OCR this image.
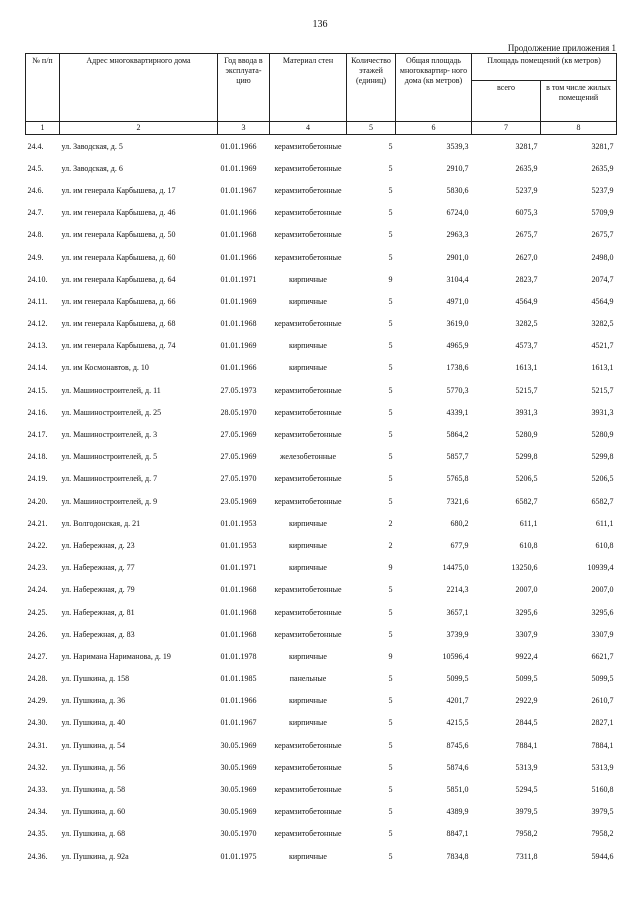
136
Продолжение приложения 1
№ п/п	Адрес многоквартирного дома	Год ввода в эксплуата- цию	Материал стен	Количество этажей (единиц)	Общая площадь многоквартир- ного дома (кв метров)	Площадь помещений (кв метров)	
						всего	в том числе жилых помещений
1	2	3	4	5	6	7	8
24.4.	ул. Заводская, д. 5	01.01.1966	керамзитобетонные	5	3539,3	3281,7	3281,7
24.5.	ул. Заводская, д. 6	01.01.1969	керамзитобетонные	5	2910,7	2635,9	2635,9
24.6.	ул. им генерала Карбышева, д. 17	01.01.1967	керамзитобетонные	5	5830,6	5237,9	5237,9
24.7.	ул. им генерала Карбышева, д. 46	01.01.1966	керамзитобетонные	5	6724,0	6075,3	5709,9
24.8.	ул. им генерала Карбышева, д. 50	01.01.1968	керамзитобетонные	5	2963,3	2675,7	2675,7
24.9.	ул. им генерала Карбышева, д. 60	01.01.1966	керамзитобетонные	5	2901,0	2627,0	2498,0
24.10.	ул. им генерала Карбышева, д. 64	01.01.1971	кирпичные	9	3104,4	2823,7	2074,7
24.11.	ул. им генерала Карбышева, д. 66	01.01.1969	кирпичные	5	4971,0	4564,9	4564,9
24.12.	ул. им генерала Карбышева, д. 68	01.01.1968	керамзитобетонные	5	3619,0	3282,5	3282,5
24.13.	ул. им генерала Карбышева, д. 74	01.01.1969	кирпичные	5	4965,9	4573,7	4521,7
24.14.	ул. им Космонавтов, д. 10	01.01.1966	кирпичные	5	1738,6	1613,1	1613,1
24.15.	ул. Машиностроителей, д. 11	27.05.1973	керамзитобетонные	5	5770,3	5215,7	5215,7
24.16.	ул. Машиностроителей, д. 25	28.05.1970	керамзитобетонные	5	4339,1	3931,3	3931,3
24.17.	ул. Машиностроителей, д. 3	27.05.1969	керамзитобетонные	5	5864,2	5280,9	5280,9
24.18.	ул. Машиностроителей, д. 5	27.05.1969	железобетонные	5	5857,7	5299,8	5299,8
24.19.	ул. Машиностроителей, д. 7	27.05.1970	керамзитобетонные	5	5765,8	5206,5	5206,5
24.20.	ул. Машиностроителей, д. 9	23.05.1969	керамзитобетонные	5	7321,6	6582,7	6582,7
24.21.	ул. Волгодонская, д. 21	01.01.1953	кирпичные	2	680,2	611,1	611,1
24.22.	ул. Набережная, д. 23	01.01.1953	кирпичные	2	677,9	610,8	610,8
24.23.	ул. Набережная, д. 77	01.01.1971	кирпичные	9	14475,0	13250,6	10939,4
24.24.	ул. Набережная, д. 79	01.01.1968	керамзитобетонные	5	2214,3	2007,0	2007,0
24.25.	ул. Набережная, д. 81	01.01.1968	керамзитобетонные	5	3657,1	3295,6	3295,6
24.26.	ул. Набережная, д. 83	01.01.1968	керамзитобетонные	5	3739,9	3307,9	3307,9
24.27.	ул. Наримана Нариманова, д. 19	01.01.1978	кирпичные	9	10596,4	9922,4	6621,7
24.28.	ул. Пушкина, д. 158	01.01.1985	панельные	5	5099,5	5099,5	5099,5
24.29.	ул. Пушкина, д. 36	01.01.1966	кирпичные	5	4201,7	2922,9	2610,7
24.30.	ул. Пушкина, д. 40	01.01.1967	кирпичные	5	4215,5	2844,5	2827,1
24.31.	ул. Пушкина, д. 54	30.05.1969	керамзитобетонные	5	8745,6	7884,1	7884,1
24.32.	ул. Пушкина, д. 56	30.05.1969	керамзитобетонные	5	5874,6	5313,9	5313,9
24.33.	ул. Пушкина, д. 58	30.05.1969	керамзитобетонные	5	5851,0	5294,5	5160,8
24.34.	ул. Пушкина, д. 60	30.05.1969	керамзитобетонные	5	4389,9	3979,5	3979,5
24.35.	ул. Пушкина, д. 68	30.05.1970	керамзитобетонные	5	8847,1	7958,2	7958,2
24.36.	ул. Пушкина, д. 92а	01.01.1975	кирпичные	5	7834,8	7311,8	5944,6
